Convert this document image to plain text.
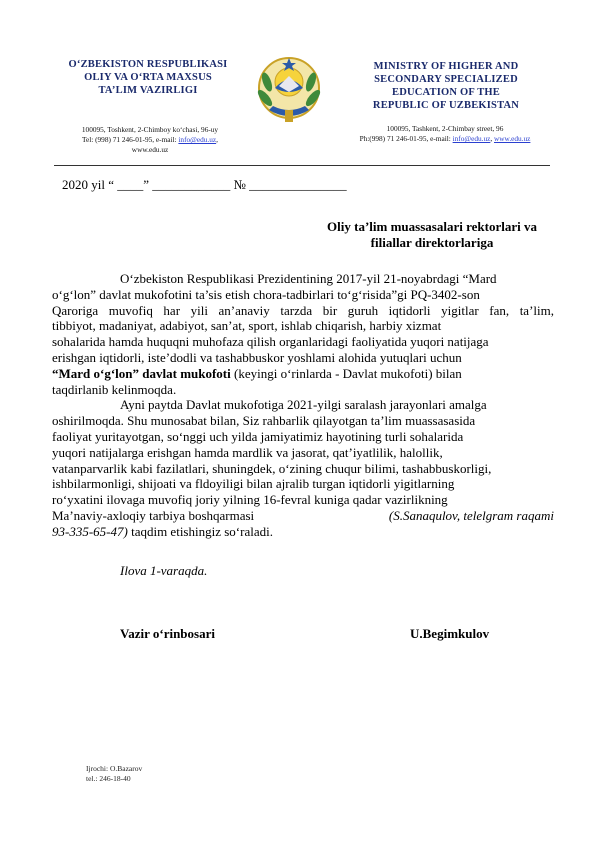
O‘ZBEKISTON RESPUBLIKASI
OLIY VA O‘RTA MAXSUS
TA’LIM VAZIRLIGI
MINISTRY OF HIGHER AND
SECONDARY SPECIALIZED
EDUCATION OF THE
REPUBLIC OF UZBEKISTAN
100095, Toshkent, 2-Chimboy ko‘chasi, 96-uy
Tel: (998) 71 246-01-95, e-mail: info@edu.uz,
www.edu.uz
100095, Tashkent, 2-Chimbay street, 96
Ph:(998) 71 246-01-95, e-mail: info@edu.uz, www.edu.uz
2020 yil “ ____” ____________ № _______________
Oliy ta’lim muassasalari rektorlari va
filiallar direktorlariga
O‘zbekiston Respublikasi Prezidentining 2017-yil 21-noyabrdagi “Mard
o‘g‘lon” davlat mukofotini ta’sis etish chora-tadbirlari to‘g‘risida”gi PQ-3402-son
Qaroriga muvofiq har yili an’anaviy tarzda bir guruh iqtidorli yigitlar fan, ta’lim,
tibbiyot, madaniyat, adabiyot, san’at, sport, ishlab chiqarish, harbiy xizmat
sohalarida hamda huquqni muhofaza qilish organlaridagi faoliyatida yuqori natijaga
erishgan iqtidorli, iste’dodli va tashabbuskor yoshlami alohida yutuqlari uchun
“Mard o‘g‘lon” davlat mukofoti (keyingi o‘rinlarda - Davlat mukofoti) bilan
taqdirlanib kelinmoqda.
Ayni paytda Davlat mukofotiga 2021-yilgi saralash jarayonlari amalga
oshirilmoqda. Shu munosabat bilan, Siz rahbarlik qilayotgan ta’lim muassasasida
faoliyat yuritayotgan, so‘nggi uch yilda jamiyatimiz hayotining turli sohalarida
yuqori natijalarga erishgan hamda mardlik va jasorat, qat’iyatlilik, halollik,
vatanparvarlik kabi fazilatlari, shuningdek, o‘zining chuqur bilimi, tashabbuskorligi,
ishbilarmonligi, shijoati va fldoyiligi bilan ajralib turgan iqtidorli yigitlarning
ro‘yxatini ilovaga muvofiq joriy yilning 16-fevral kuniga qadar vazirlikning
Ma’naviy-axloqiy tarbiya boshqarmasi	(S.Sanaqulov, telelgram raqami
93-335-65-47) taqdim etishingiz so‘raladi.
Ilova 1-varaqda.
Vazir o‘rinbosari	U.Begimkulov
Ijrochi: O.Bazarov
tel.: 246-18-40
